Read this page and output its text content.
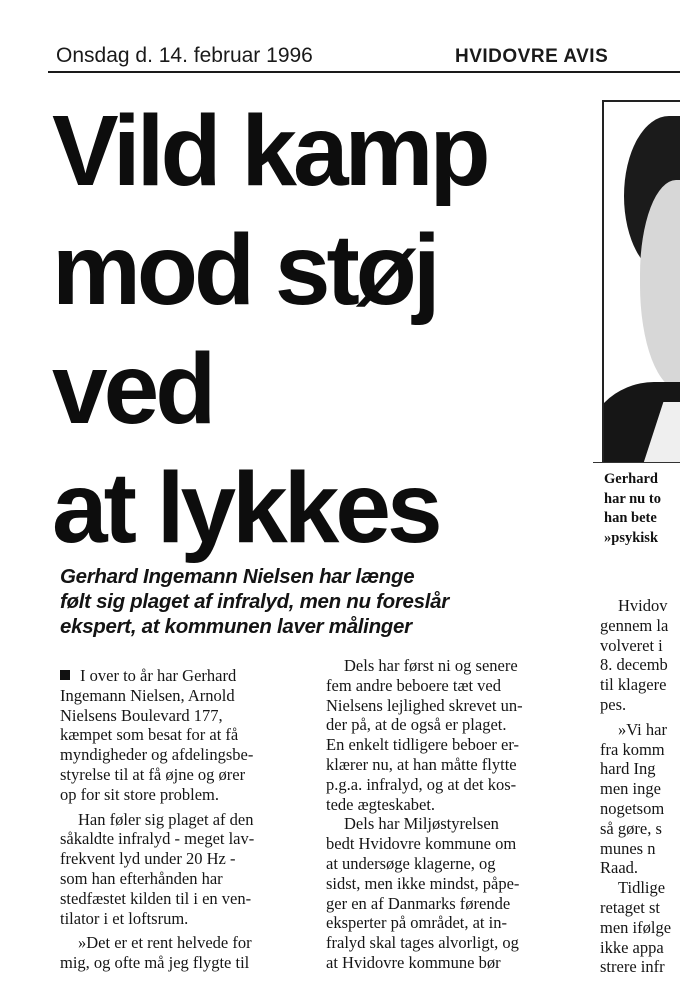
Onsdag d. 14. februar 1996	HVIDOVRE AVIS
Vild kamp
mod støj
ved
at lykkes	Gerhard
har nu to
han bete
»psykisk
Gerhard Ingemann Nielsen har længe
følt sig plaget af infralyd, men nu foreslår
ekspert, at kommunen laver målinger

I over to år har Gerhard
Ingemann Nielsen, Arnold
Nielsens Boulevard 177,
kæmpet som besat for at få
myndigheder og afdelingsbe-
styrelse til at få øjne og ører
op for sit store problem.

Han føler sig plaget af den
såkaldte infralyd - meget lav-
frekvent lyd under 20 Hz -
som han efterhånden har
stedfæstet kilden til i en ven-
tilator i et loftsrum.

»Det er et rent helvede for
mig, og ofte må jeg flygte til

Dels har først ni og senere
fem andre beboere tæt ved
Nielsens lejlighed skrevet un-
der på, at de også er plaget.
En enkelt tidligere beboer er-
klærer nu, at han måtte flytte
p.g.a. infralyd, og at det kos-
tede ægteskabet.

Dels har Miljøstyrelsen
bedt Hvidovre kommune om
at undersøge klagerne, og
sidst, men ikke mindst, påpe-
ger en af Danmarks førende
eksperter på området, at in-
fralyd skal tages alvorligt, og
at Hvidovre kommune bør

Hvidov
gennem la
volveret i
8. decemb
til klagere
pes.

»Vi har
fra komm
hard Ing
men inge
nogetsom
så gøre, s
munes n
Raad.

Tidlige
retaget st
men ifølge
ikke appa
strere infr
